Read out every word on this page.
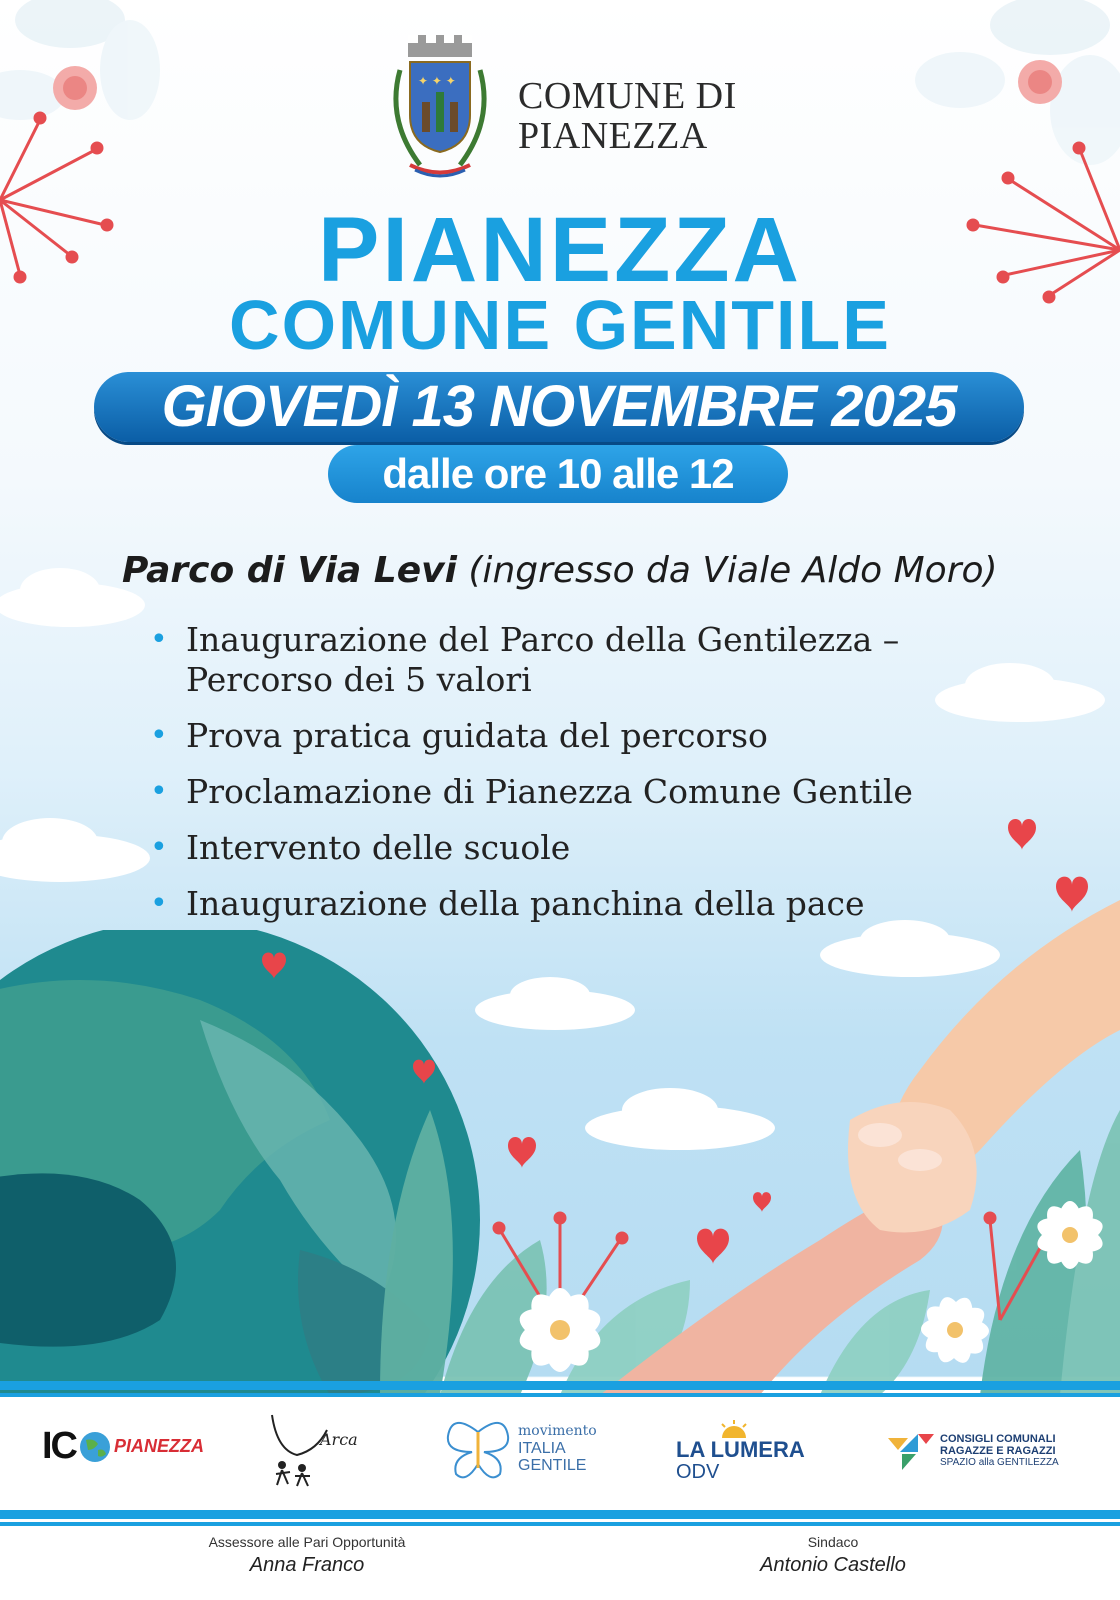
✦ ✦ ✦ COMUNE DI
PIANEZZA
PIANEZZA
COMUNE GENTILE
GIOVEDÌ 13 NOVEMBRE 2025
dalle ore 10 alle 12
Parco di Via Levi (ingresso da Viale Aldo Moro)
• Inaugurazione del Parco della Gentilezza –
Percorso dei 5 valori
• Prova pratica guidata del percorso
• Proclamazione di Pianezza Comune Gentile
• Intervento delle scuole
• Inaugurazione della panchina della pace
IC PIANEZZA	Arca	movimento
ITALIA
GENTILE
LA LUMERA
ODV
CONSIGLI COMUNALI
RAGAZZE E RAGAZZI
SPAZIO alla GENTILEZZA
Assessore alle Pari Opportunità
Anna Franco
Sindaco
Antonio Castello
